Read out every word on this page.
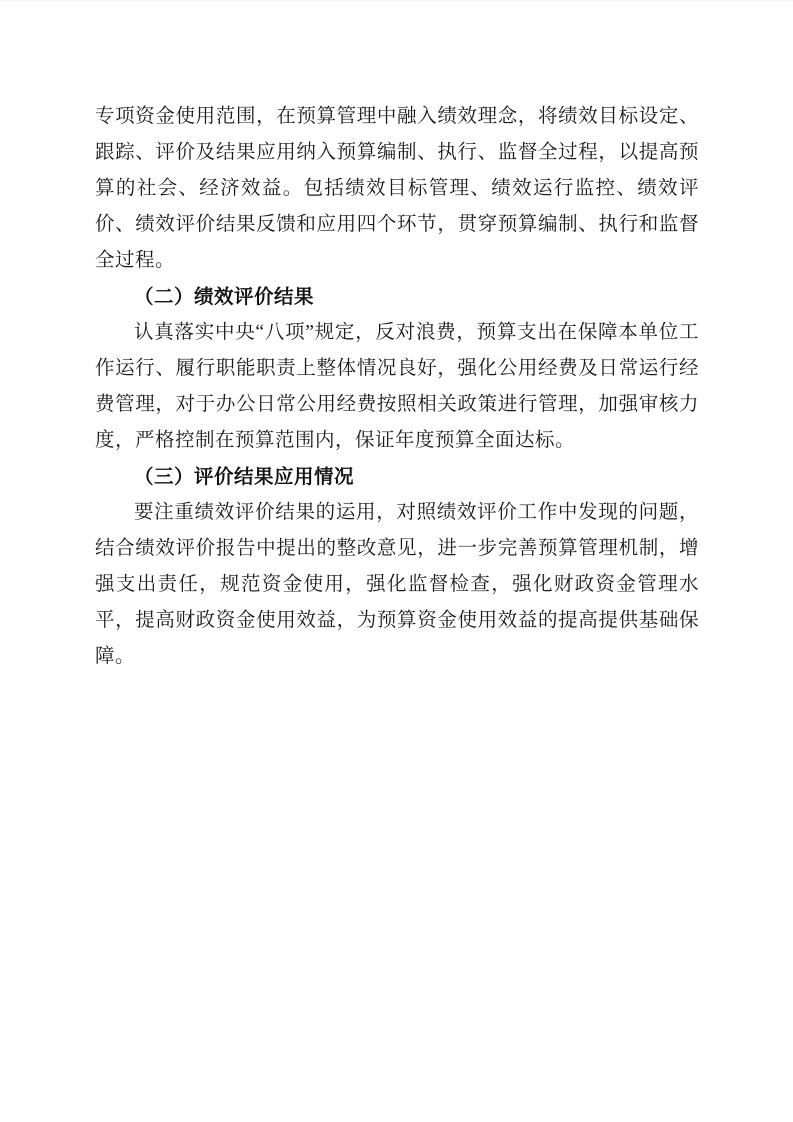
专项资金使用范围，在预算管理中融入绩效理念，将绩效目标设定、跟踪、评价及结果应用纳入预算编制、执行、监督全过程，以提高预算的社会、经济效益。包括绩效目标管理、绩效运行监控、绩效评价、绩效评价结果反馈和应用四个环节，贯穿预算编制、执行和监督全过程。

（二）绩效评价结果

认真落实中央“八项”规定，反对浪费，预算支出在保障本单位工作运行、履行职能职责上整体情况良好，强化公用经费及日常运行经费管理，对于办公日常公用经费按照相关政策进行管理，加强审核力度，严格控制在预算范围内，保证年度预算全面达标。

（三）评价结果应用情况

要注重绩效评价结果的运用，对照绩效评价工作中发现的问题，结合绩效评价报告中提出的整改意见，进一步完善预算管理机制，增强支出责任，规范资金使用，强化监督检查，强化财政资金管理水平，提高财政资金使用效益，为预算资金使用效益的提高提供基础保障。
